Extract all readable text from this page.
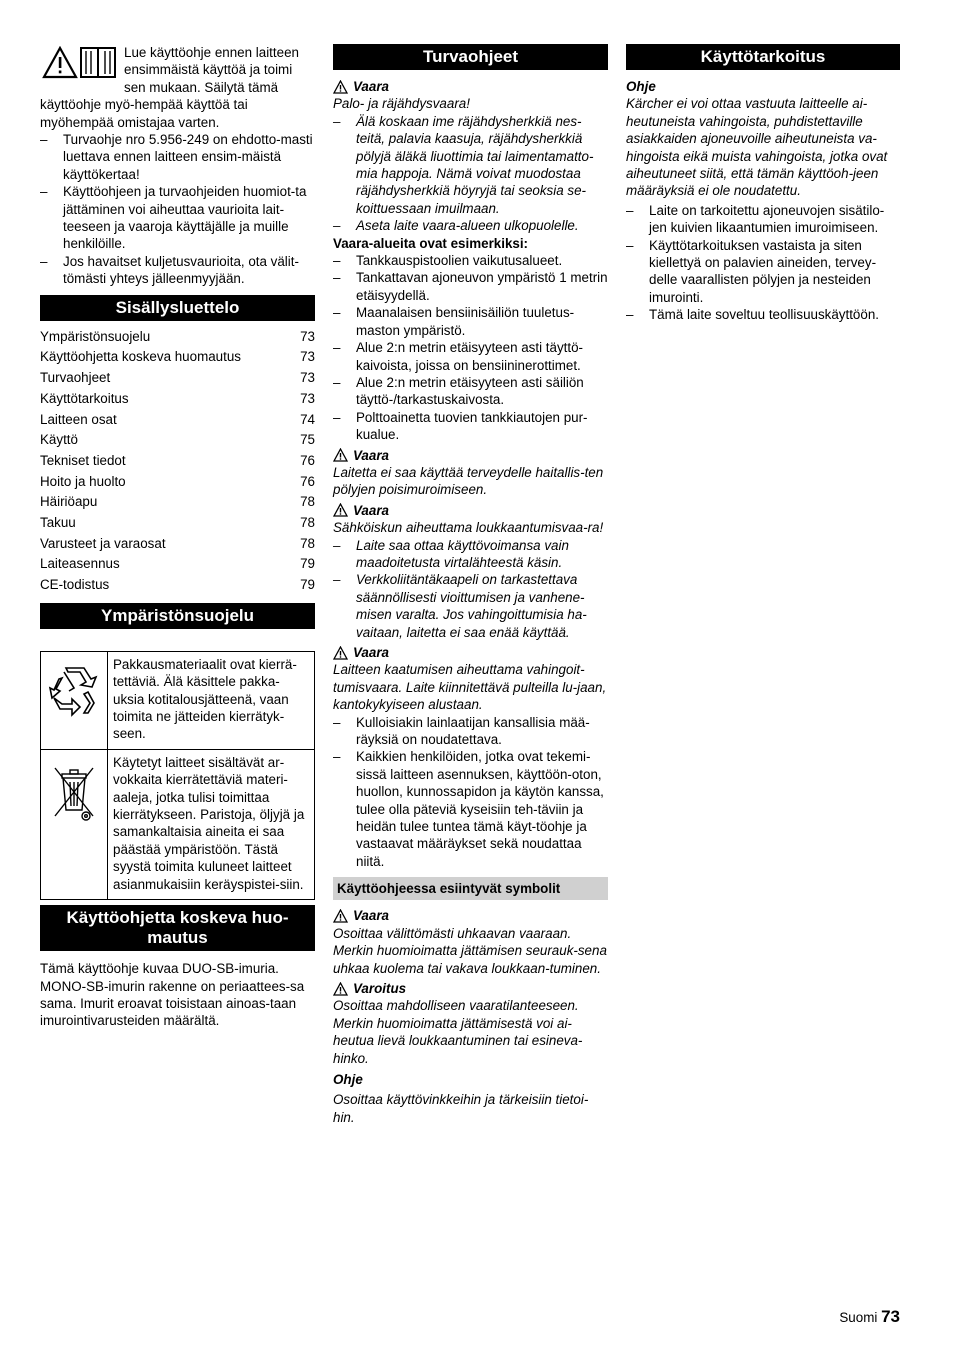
Lue käyttöohje ennen laitteen ensimmäistä käyttöä ja toimi sen mukaan. Säilytä tämä käyttöohje myö-hempää käyttöä tai myöhempää omistajaa varten.

– Turvaohje nro 5.956-249 on ehdotto-masti luettava ennen laitteen ensim-mäistä käyttökertaa!
– Käyttöohjeen ja turvaohjeiden huomiot-ta jättäminen voi aiheuttaa vaurioita lait-teeseen ja vaaroja käyttäjälle ja muille henkilöille.
– Jos havaitset kuljetusvaurioita, ota välit-tömästi yhteys jälleenmyyjään.
Sisällysluettelo
Ympäristönsuojelu	73
Käyttöohjetta koskeva huomautus	73
Turvaohjeet	73
Käyttötarkoitus	73
Laitteen osat	74
Käyttö	75
Tekniset tiedot	76
Hoito ja huolto	76
Häiriöapu	78
Takuu	78
Varusteet ja varaosat	78
Laiteasennus	79
CE-todistus	79
Ympäristönsuojelu
	Pakkausmateriaalit ovat kierrä-tettäviä. Älä käsittele pakka-uksia kotitalousjätteenä, vaan toimita ne jätteiden kierrätyk-seen.
	Käytetyt laitteet sisältävät ar-vokkaita kierrätettäviä materi-aaleja, jotka tulisi toimittaa kierrätykseen. Paristoja, öljyjä ja samankaltaisia aineita ei saa päästää ympäristöön. Tästä syystä toimita kuluneet laitteet asianmukaisiin keräyspistei-siin.
Käyttöohjetta koskeva huo-mautus

Tämä käyttöohje kuvaa DUO-SB-imuria. MONO-SB-imurin rakenne on periaattees-sa sama. Imurit eroavat toisistaan ainoas-taan imurointivarusteiden määrältä.

Turvaohjeet
Vaara

Palo- ja räjähdysvaara!

– Älä koskaan ime räjähdysherkkiä nes-teitä, palavia kaasuja, räjähdysherkkiä pölyjä äläkä liuottimia tai laimentamatto-mia happoja. Nämä voivat muodostaa räjähdysherkkiä höyryjä tai seoksia se-koittuessaan imuilmaan.
– Aseta laite vaara-alueen ulkopuolelle.

Vaara-alueita ovat esimerkiksi:

– Tankkauspistoolien vaikutusalueet.
– Tankattavan ajoneuvon ympäristö 1 metrin etäisyydellä.
– Maanalaisen bensiinisäiliön tuuletus-maston ympäristö.
– Alue 2:n metrin etäisyyteen asti täyttö-kaivoista, joissa on bensiininerottimet.
– Alue 2:n metrin etäisyyteen asti säiliön täyttö-/tarkastuskaivosta.
– Polttoainetta tuovien tankkiautojen pur-kualue.
Vaara

Laitetta ei saa käyttää terveydelle haitallis-ten pölyjen poisimuroimiseen.

Vaara

Sähköiskun aiheuttama loukkaantumisvaa-ra!

– Laite saa ottaa käyttövoimansa vain maadoitetusta virtalähteestä käsin.
– Verkkoliitäntäkaapeli on tarkastettava säännöllisesti vioittumisen ja vanhene-misen varalta. Jos vahingoittumisia ha-vaitaan, laitetta ei saa enää käyttää.
Vaara

Laitteen kaatumisen aiheuttama vahingoit-tumisvaara. Laite kiinnitettävä pulteilla lu-jaan, kantokykyiseen alustaan.

– Kulloisiakin lainlaatijan kansallisia mää-räyksiä on noudatettava.
– Kaikkien henkilöiden, jotka ovat tekemi-sissä laitteen asennuksen, käyttöön-oton, huollon, kunnossapidon ja käytön kanssa, tulee olla päteviä kyseisiin teh-täviin ja heidän tulee tuntea tämä käyt-töohje ja vastaavat määräykset sekä noudattaa niitä.
Käyttöohjeessa esiintyvät symbolit
Vaara

Osoittaa välittömästi uhkaavan vaaraan. Merkin huomioimatta jättämisen seurauk-sena uhkaa kuolema tai vakava loukkaan-tuminen.

Varoitus

Osoittaa mahdolliseen vaaratilanteeseen. Merkin huomioimatta jättämisestä voi ai-heutua lievä loukkaantuminen tai esineva-hinko.

Ohje

Osoittaa käyttövinkkeihin ja tärkeisiin tietoi-hin.

Käyttötarkoitus

Ohje

Kärcher ei voi ottaa vastuuta laitteelle ai-heutuneista vahingoista, puhdistettaville asiakkaiden ajoneuvoille aiheutuneista va-hingoista eikä muista vahingoista, jotka ovat aiheutuneet siitä, että tämän käyttöoh-jeen määräyksiä ei ole noudatettu.

– Laite on tarkoitettu ajoneuvojen sisätilo-jen kuivien likaantumien imuroimiseen.
– Käyttötarkoituksen vastaista ja siten kiellettyä on palavien aineiden, tervey-delle vaarallisten pölyjen ja nesteiden imurointi.
– Tämä laite soveltuu teollisuuskäyttöön.
Suomi 73
